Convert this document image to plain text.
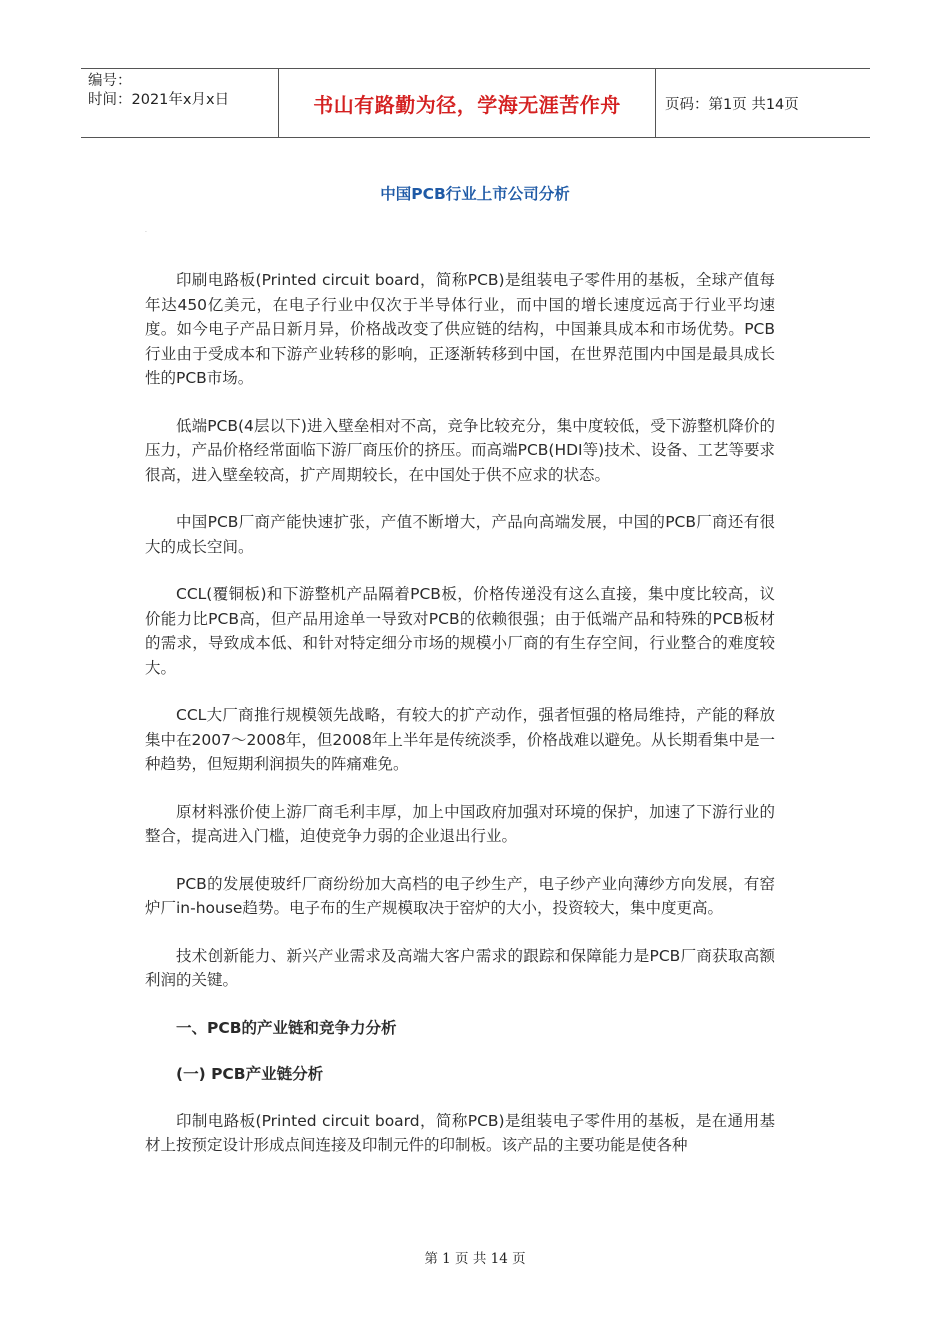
编号：
时间：2021年x月x日	书山有路勤为径，学海无涯苦作舟	页码：第1页 共14页
中国PCB行业上市公司分析
.

印刷电路板(Printed circuit board，简称PCB)是组装电子零件用的基板，全球产值每年达450亿美元，在电子行业中仅次于半导体行业，而中国的增长速度远高于行业平均速度。如今电子产品日新月异，价格战改变了供应链的结构，中国兼具成本和市场优势。PCB行业由于受成本和下游产业转移的影响，正逐渐转移到中国，在世界范围内中国是最具成长性的PCB市场。

低端PCB(4层以下)进入壁垒相对不高，竞争比较充分，集中度较低，受下游整机降价的压力，产品价格经常面临下游厂商压价的挤压。而高端PCB(HDI等)技术、设备、工艺等要求很高，进入壁垒较高，扩产周期较长，在中国处于供不应求的状态。

中国PCB厂商产能快速扩张，产值不断增大，产品向高端发展，中国的PCB厂商还有很大的成长空间。

CCL(覆铜板)和下游整机产品隔着PCB板，价格传递没有这么直接，集中度比较高，议价能力比PCB高，但产品用途单一导致对PCB的依赖很强；由于低端产品和特殊的PCB板材的需求，导致成本低、和针对特定细分市场的规模小厂商的有生存空间，行业整合的难度较大。

CCL大厂商推行规模领先战略，有较大的扩产动作，强者恒强的格局维持，产能的释放集中在2007～2008年，但2008年上半年是传统淡季，价格战难以避免。从长期看集中是一种趋势，但短期利润损失的阵痛难免。

原材料涨价使上游厂商毛利丰厚，加上中国政府加强对环境的保护，加速了下游行业的整合，提高进入门槛，迫使竞争力弱的企业退出行业。

PCB的发展使玻纤厂商纷纷加大高档的电子纱生产，电子纱产业向薄纱方向发展，有窑炉厂in-house趋势。电子布的生产规模取决于窑炉的大小，投资较大，集中度更高。

技术创新能力、新兴产业需求及高端大客户需求的跟踪和保障能力是PCB厂商获取高额利润的关键。

一、PCB的产业链和竞争力分析

(一) PCB产业链分析

印制电路板(Printed circuit board，简称PCB)是组装电子零件用的基板，是在通用基材上按预定设计形成点间连接及印制元件的印制板。该产品的主要功能是使各种

第 1 页 共 14 页
